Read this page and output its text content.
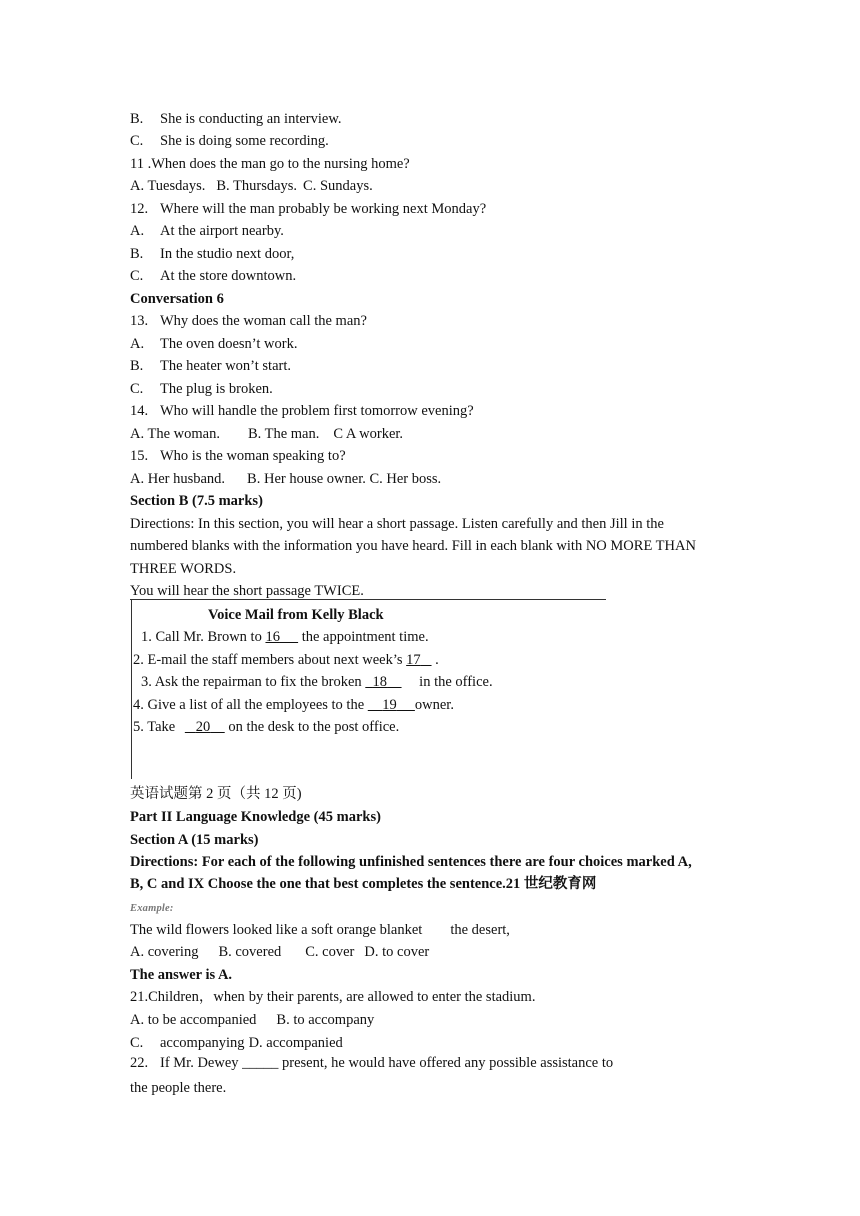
B. She is conducting an interview.
C. She is doing some recording.
11 .When does the man go to the nursing home?
A. Tuesdays. B. Thursdays. C. Sundays.
12. Where will the man probably be working next Monday?
A. At the airport nearby.
B. In the studio next door,
C. At the store downtown.
Conversation 6
13. Why does the woman call the man?
A. The oven doesn’t work.
B. The heater won’t start.
C. The plug is broken.
14. Who will handle the problem first tomorrow evening?
A. The woman. B. The man. C A worker.
15. Who is the woman speaking to?
A. Her husband. B. Her house owner. C. Her boss.
Section B (7.5 marks)
Directions: In this section, you will hear a short passage. Listen carefully and then Jill in the
numbered blanks with the information you have heard. Fill in each blank with NO MORE THAN
THREE WORDS.
You will hear the short passage TWICE.
Voice Mail from Kelly Black
1. Call Mr. Brown to 16      the appointment time.
2. E-mail the staff members about next week’s 17    .
3. Ask the repairman to fix the broken   18     in the office.
4. Give a list of all the employees to the     19 owner.
5. Take    20     on the desk to the post office.
英语试题第 2 页（共 12 页)
Part II Language Knowledge (45 marks)
Section A (15 marks)
Directions: For each of the following unfinished sentences there are four choices marked A,
B, C and IX Choose the one that best completes the sentence.21 世纪教育网
Example:
The wild flowers looked like a soft orange blanket the desert,
A. covering B. covered C. cover D. to cover
The answer is A.
21.Children，when by their parents, are allowed to enter the stadium.
A. to be accompanied B. to accompany
C. accompanying D. accompanied
22. If Mr. Dewey _____ present, he would have offered any possible assistance to
the people there.
